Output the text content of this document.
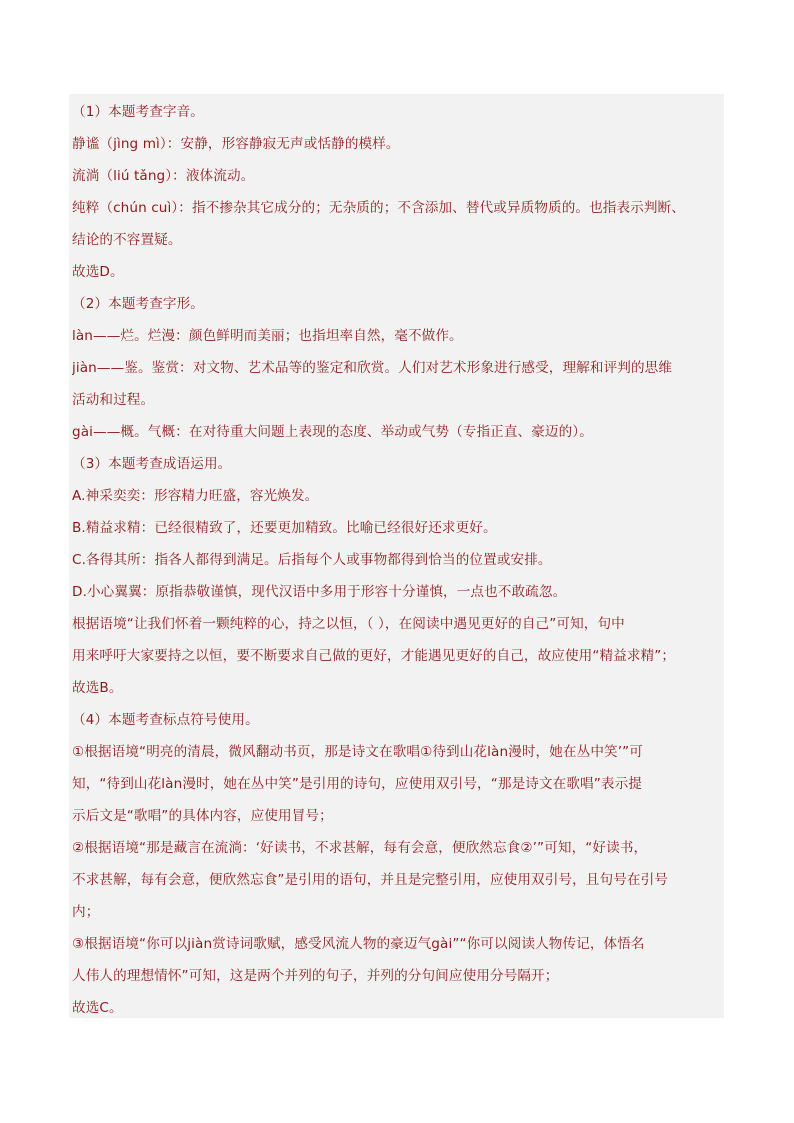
（1）本题考查字音。
静谧（jìng mì）：安静，形容静寂无声或恬静的模样。
流淌（liú tǎng）：液体流动。
纯粹（chún cuì）：指不掺杂其它成分的；无杂质的；不含添加、替代或异质物质的。也指表示判断、
结论的不容置疑。
故选D。
（2）本题考查字形。
làn——烂。烂漫：颜色鲜明而美丽；也指坦率自然，毫不做作。
jiàn——鉴。鉴赏：对文物、艺术品等的鉴定和欣赏。人们对艺术形象进行感受，理解和评判的思维
活动和过程。
gài——概。气概：在对待重大问题上表现的态度、举动或气势（专指正直、豪迈的）。
（3）本题考查成语运用。
A.神采奕奕：形容精力旺盛，容光焕发。
B.精益求精：已经很精致了，还要更加精致。比喻已经很好还求更好。
C.各得其所：指各人都得到满足。后指每个人或事物都得到恰当的位置或安排。
D.小心翼翼：原指恭敬谨慎，现代汉语中多用于形容十分谨慎，一点也不敢疏忽。
根据语境“让我们怀着一颗纯粹的心，持之以恒，（ ），在阅读中遇见更好的自己”可知，句中
用来呼吁大家要持之以恒，要不断要求自己做的更好，才能遇见更好的自己，故应使用“精益求精”；
故选B。
（4）本题考查标点符号使用。
①根据语境“明亮的清晨，微风翻动书页，那是诗文在歌唱①待到山花làn漫时，她在丛中笑’”可
知，“待到山花làn漫时，她在丛中笑”是引用的诗句，应使用双引号，“那是诗文在歌唱”表示提
示后文是“歌唱”的具体内容，应使用冒号；
②根据语境“那是藏言在流淌：‘好读书，不求甚解，每有会意，便欣然忘食②’”可知，“好读书，
不求甚解，每有会意，便欣然忘食”是引用的语句，并且是完整引用，应使用双引号，且句号在引号
内；
③根据语境“你可以jiàn赏诗词歌赋，感受风流人物的豪迈气gài”“你可以阅读人物传记，体悟名
人伟人的理想情怀”可知，这是两个并列的句子，并列的分句间应使用分号隔开；
故选C。
